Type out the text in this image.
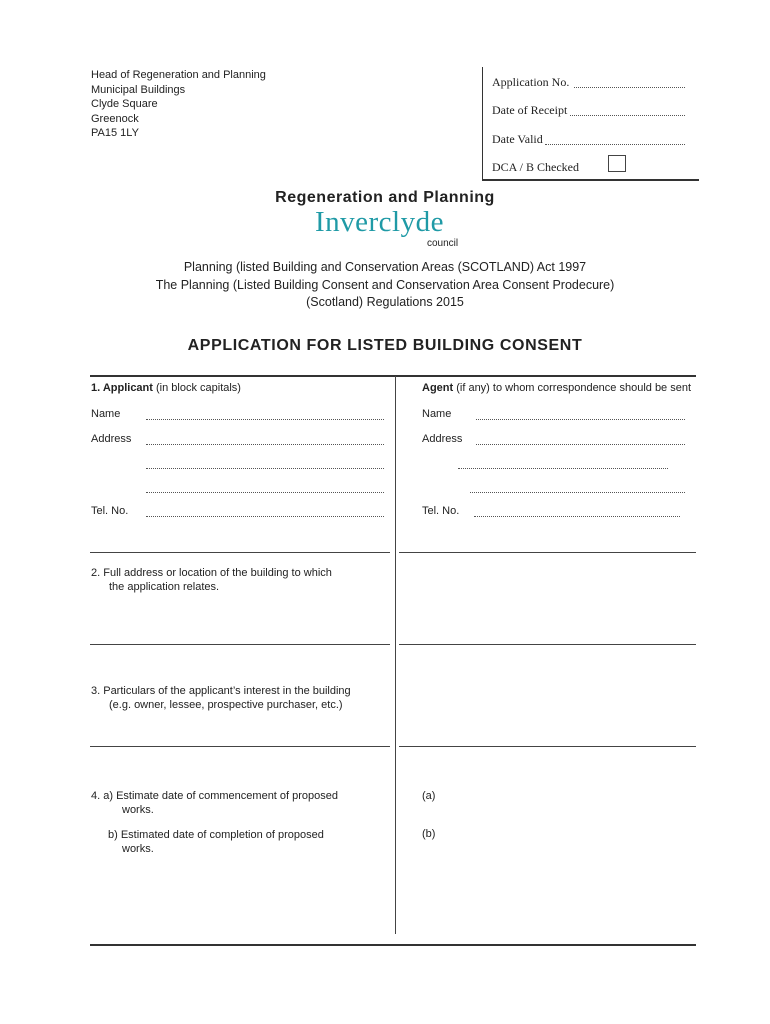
Head of Regeneration and Planning
Municipal Buildings
Clyde Square
Greenock
PA15 1LY
Application No.
Date of Receipt
Date Valid
DCA / B Checked
Regeneration and Planning
Inverclyde
council
Planning (listed Building and Conservation Areas (SCOTLAND) Act 1997
The Planning (Listed Building Consent and Conservation Area Consent Prodecure)
(Scotland) Regulations 2015
APPLICATION FOR LISTED BUILDING CONSENT
1. Applicant (in block capitals)
Name
Address
Tel. No.
Agent (if any) to whom correspondence should be sent
Name
Address
Tel. No.
2. Full address or location of the building to which
the application relates.
3. Particulars of the applicant’s interest in the building
(e.g. owner, lessee, prospective purchaser, etc.)
4. a) Estimate date of commencement of proposed
works.
b) Estimated date of completion of proposed
works.
(a)
(b)
